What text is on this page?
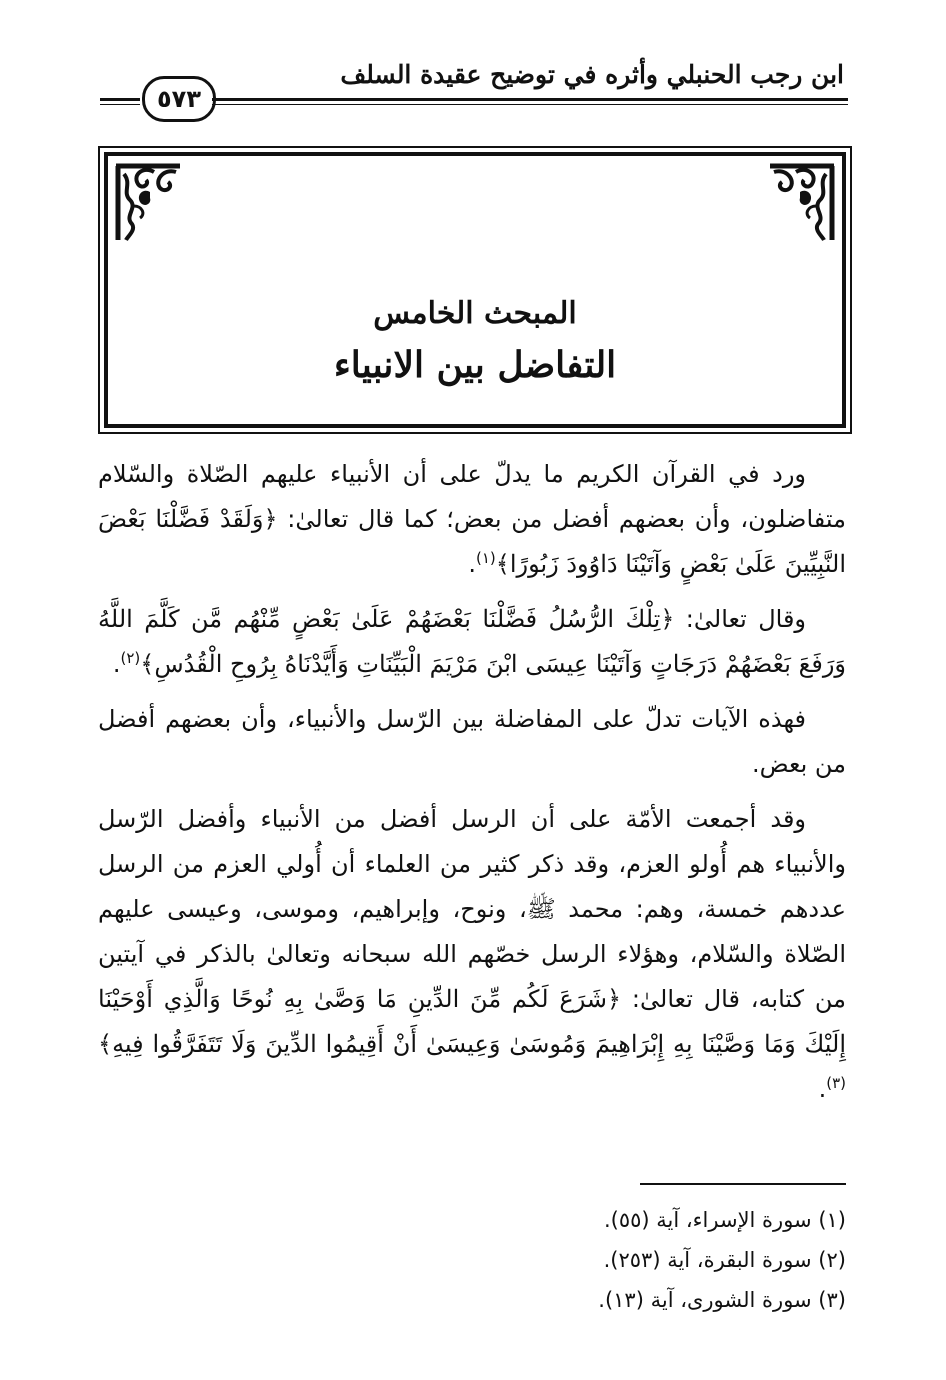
ابن رجب الحنبلي وأثره في توضيح عقيدة السلف
٥٧٣
المبحث الخامس
التفاضل بين الانبياء

ورد في القرآن الكريم ما يدلّ على أن الأنبياء عليهم الصّلاة والسّلام متفاضلون، وأن بعضهم أفضل من بعض؛ كما قال تعالىٰ: ﴿وَلَقَدْ فَضَّلْنَا بَعْضَ النَّبِيِّينَ عَلَىٰ بَعْضٍ وَآتَيْنَا دَاوُودَ زَبُورًا﴾$^{(١)}$.

وقال تعالىٰ: ﴿تِلْكَ الرُّسُلُ فَضَّلْنَا بَعْضَهُمْ عَلَىٰ بَعْضٍ مِّنْهُم مَّن كَلَّمَ اللَّهُ وَرَفَعَ بَعْضَهُمْ دَرَجَاتٍ وَآتَيْنَا عِيسَى ابْنَ مَرْيَمَ الْبَيِّنَاتِ وَأَيَّدْنَاهُ بِرُوحِ الْقُدُسِ﴾$^{(٢)}$.

فهذه الآيات تدلّ على المفاضلة بين الرّسل والأنبياء، وأن بعضهم أفضل من بعض.

وقد أجمعت الأمّة على أن الرسل أفضل من الأنبياء وأفضل الرّسل والأنبياء هم أُولو العزم، وقد ذكر كثير من العلماء أن أُولي العزم من الرسل عددهم خمسة، وهم: محمد ﷺ، ونوح، وإبراهيم، وموسى، وعيسى عليهم الصّلاة والسّلام، وهؤلاء الرسل خصّهم الله سبحانه وتعالىٰ بالذكر في آيتين من كتابه، قال تعالىٰ: ﴿شَرَعَ لَكُم مِّنَ الدِّينِ مَا وَصَّىٰ بِهِ نُوحًا وَالَّذِي أَوْحَيْنَا إِلَيْكَ وَمَا وَصَّيْنَا بِهِ إِبْرَاهِيمَ وَمُوسَىٰ وَعِيسَىٰ أَنْ أَقِيمُوا الدِّينَ وَلَا تَتَفَرَّقُوا فِيهِ﴾$^{(٣)}$.

(١) سورة الإسراء، آية (٥٥).
(٢) سورة البقرة، آية (٢٥٣).
(٣) سورة الشورى، آية (١٣).
